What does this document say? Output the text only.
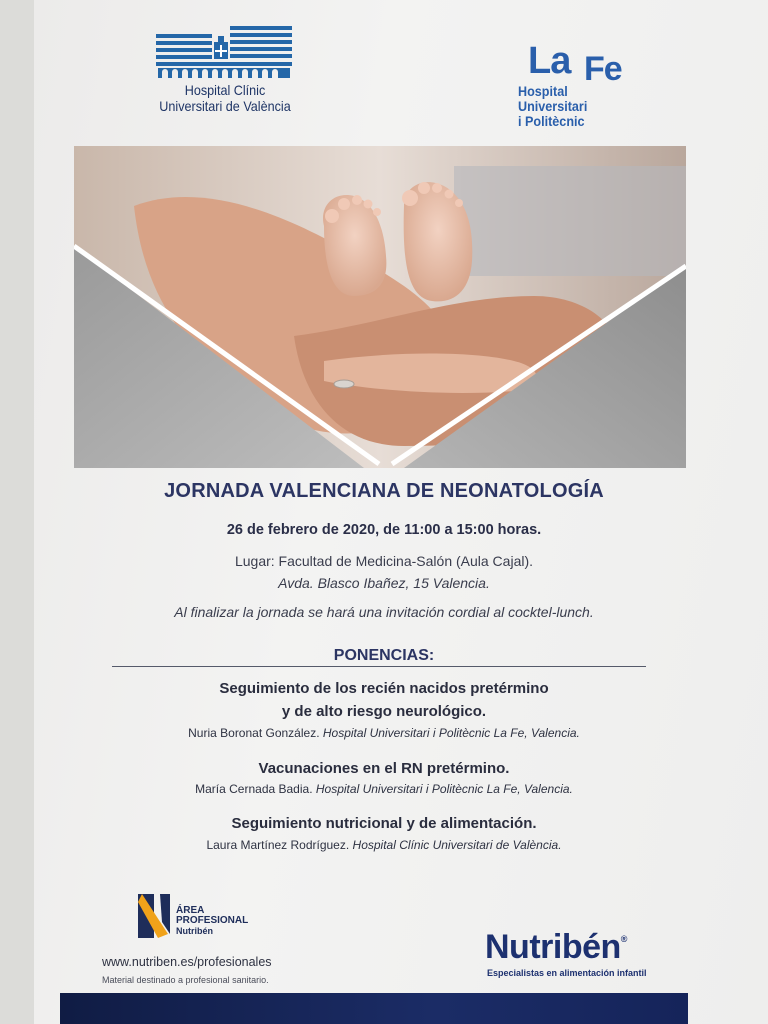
Hospital Clínic
Universitari de València
La Fe
Hospital
Universitari
i Politècnic
JORNADA VALENCIANA DE NEONATOLOGÍA
26 de febrero de 2020, de 11:00 a 15:00 horas.
Lugar: Facultad de Medicina-Salón (Aula Cajal).
Avda. Blasco Ibañez, 15 Valencia.
Al finalizar la jornada se hará una invitación cordial al cocktel-lunch.
PONENCIAS:
Seguimiento de los recién nacidos pretérmino
y de alto riesgo neurológico.
Nuria Boronat González. Hospital Universitari i Politècnic La Fe, Valencia.
Vacunaciones en el RN pretérmino.
María Cernada Badia. Hospital Universitari i Politècnic La Fe, Valencia.
Seguimiento nutricional y de alimentación.
Laura Martínez Rodríguez. Hospital Clínic Universitari de València.
ÁREA
PROFESIONAL
Nutribén
www.nutriben.es/profesionales
Material destinado a profesional sanitario.
Nutribén®
Especialistas en alimentación infantil
